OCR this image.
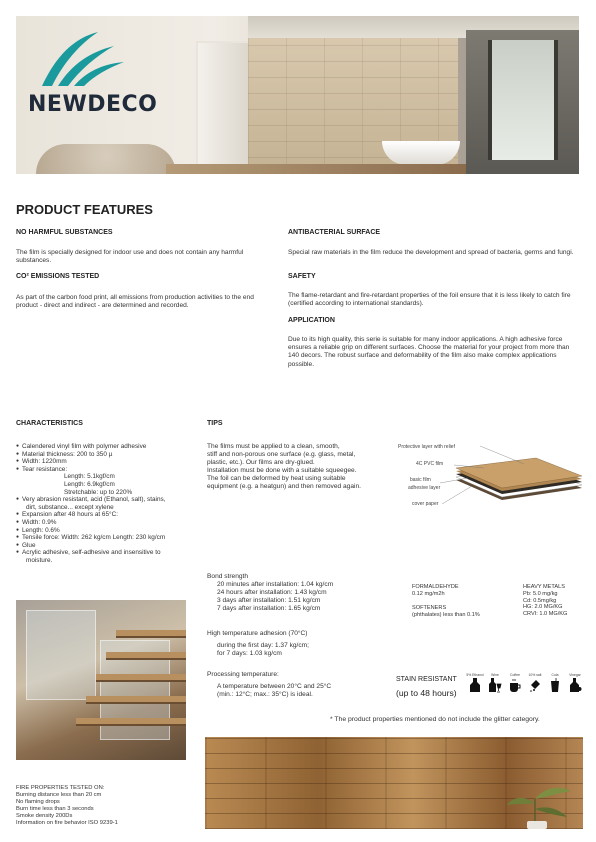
NEWDECO
PRODUCT FEATURES
NO HARMFUL SUBSTANCES
The film is specially designed for indoor use and does not contain any harmful substances.
CO² EMISSIONS TESTED
As part of the carbon food print, all emissions from production activities to the end product - direct and indirect - are determined and recorded.
ANTIBACTERIAL SURFACE
Special raw materials in the film reduce the development and spread of bacteria, germs and fungi.
SAFETY
The flame-retardant and fire-retardant properties of the foil ensure that it is less likely to catch fire (certified according to international standards).
APPLICATION
Due to its high quality, this serie is suitable for many indoor applications. A high adhesive force ensures a reliable grip on different surfaces. Choose the material for your project from more than 140 decors. The robust surface and deformability of the film also make complex applications possible.
CHARACTERISTICS
● Calendered vinyl film with polymer adhesive
● Material thickness: 200 to 350 µ
● Width: 1220mm
● Tear resistance:
Length: 5.1kgf/cm
Length: 6.9kgf/cm
Stretchable: up to 220%
● Very abrasion resistant, acid (Ethanol, salt), stains,
dirt, substance... except xylene
● Expansion after 48 hours at 65°C:
● Width: 0.9%
● Length: 0.6%
● Tensile force: Width: 262 kg/cm Length: 230 kg/cm
● Glue
● Acrylic adhesive, self-adhesive and insensitive to
moisture.
TIPS
The films must be applied to a clean, smooth,
stiff and non-porous one surface (e.g. glass, metal,
plastic, etc.). Our films are dry-glued.
Installation must be done with a suitable squeegee.
The foil can be deformed by heat using suitable
equipment (e.g. a heatgun) and then removed again.
Protective layer with relief
4C PVC film
basic film
adhesive layer
cover paper
Bond strength
20 minutes after installation: 1.04 kg/cm
24 hours after installation: 1.43 kg/cm
3 days after installation: 1.51 kg/cm
7 days after installation: 1.65 kg/cm
High temperature adhesion (70°C)
during the first day: 1.37 kg/cm;
for 7 days: 1.03 kg/cm
Processing temperature:
A temperature between 20°C and 25°C
(min.: 12°C; max.: 35°C) is ideal.
FORMALDEHYDE
0.12 mg/m2h
SOFTENERS
(phthalates) less than 0.1%
HEAVY METALS
Pb: 5.0 mg/kg
Cd: 0.5mg/kg
HG: 2.0 MG/KG
CRVI: 1.0 MG/KG
STAIN RESISTANT
(up to 48 hours)
5% Ethanol	Wine	Coffee	10% salt	Cola	Vinegar
* The product properties mentioned do not include the glitter category.
FIRE PROPERTIES TESTED ON:
Burning distance less than 20 cm
No flaming drops
Burn time less than 3 seconds
Smoke density 200Ds
Information on fire behavior ISO 9239-1
